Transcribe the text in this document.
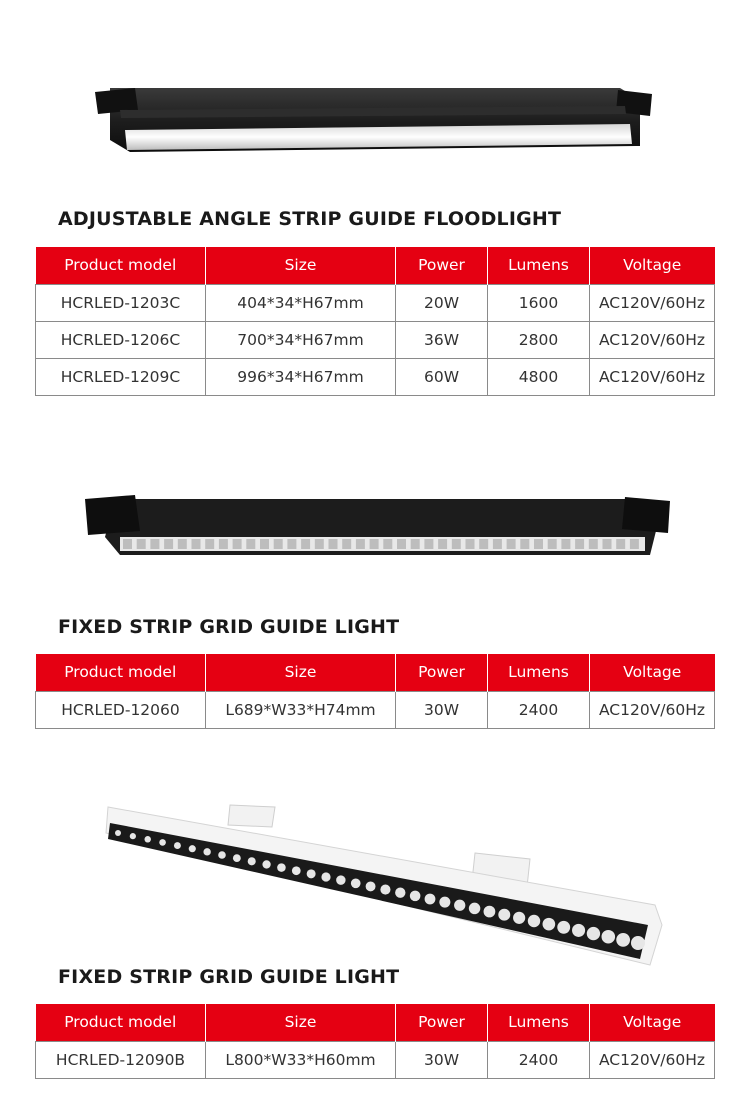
ADJUSTABLE ANGLE STRIP GUIDE FLOODLIGHT
Product model	Size	Power	Lumens	Voltage
HCRLED-1203C	404*34*H67mm	20W	1600	AC120V/60Hz
HCRLED-1206C	700*34*H67mm	36W	2800	AC120V/60Hz
HCRLED-1209C	996*34*H67mm	60W	4800	AC120V/60Hz
FIXED STRIP GRID GUIDE LIGHT
Product model	Size	Power	Lumens	Voltage
HCRLED-12060	L689*W33*H74mm	30W	2400	AC120V/60Hz
FIXED STRIP GRID GUIDE LIGHT
Product model	Size	Power	Lumens	Voltage
HCRLED-12090B	L800*W33*H60mm	30W	2400	AC120V/60Hz
